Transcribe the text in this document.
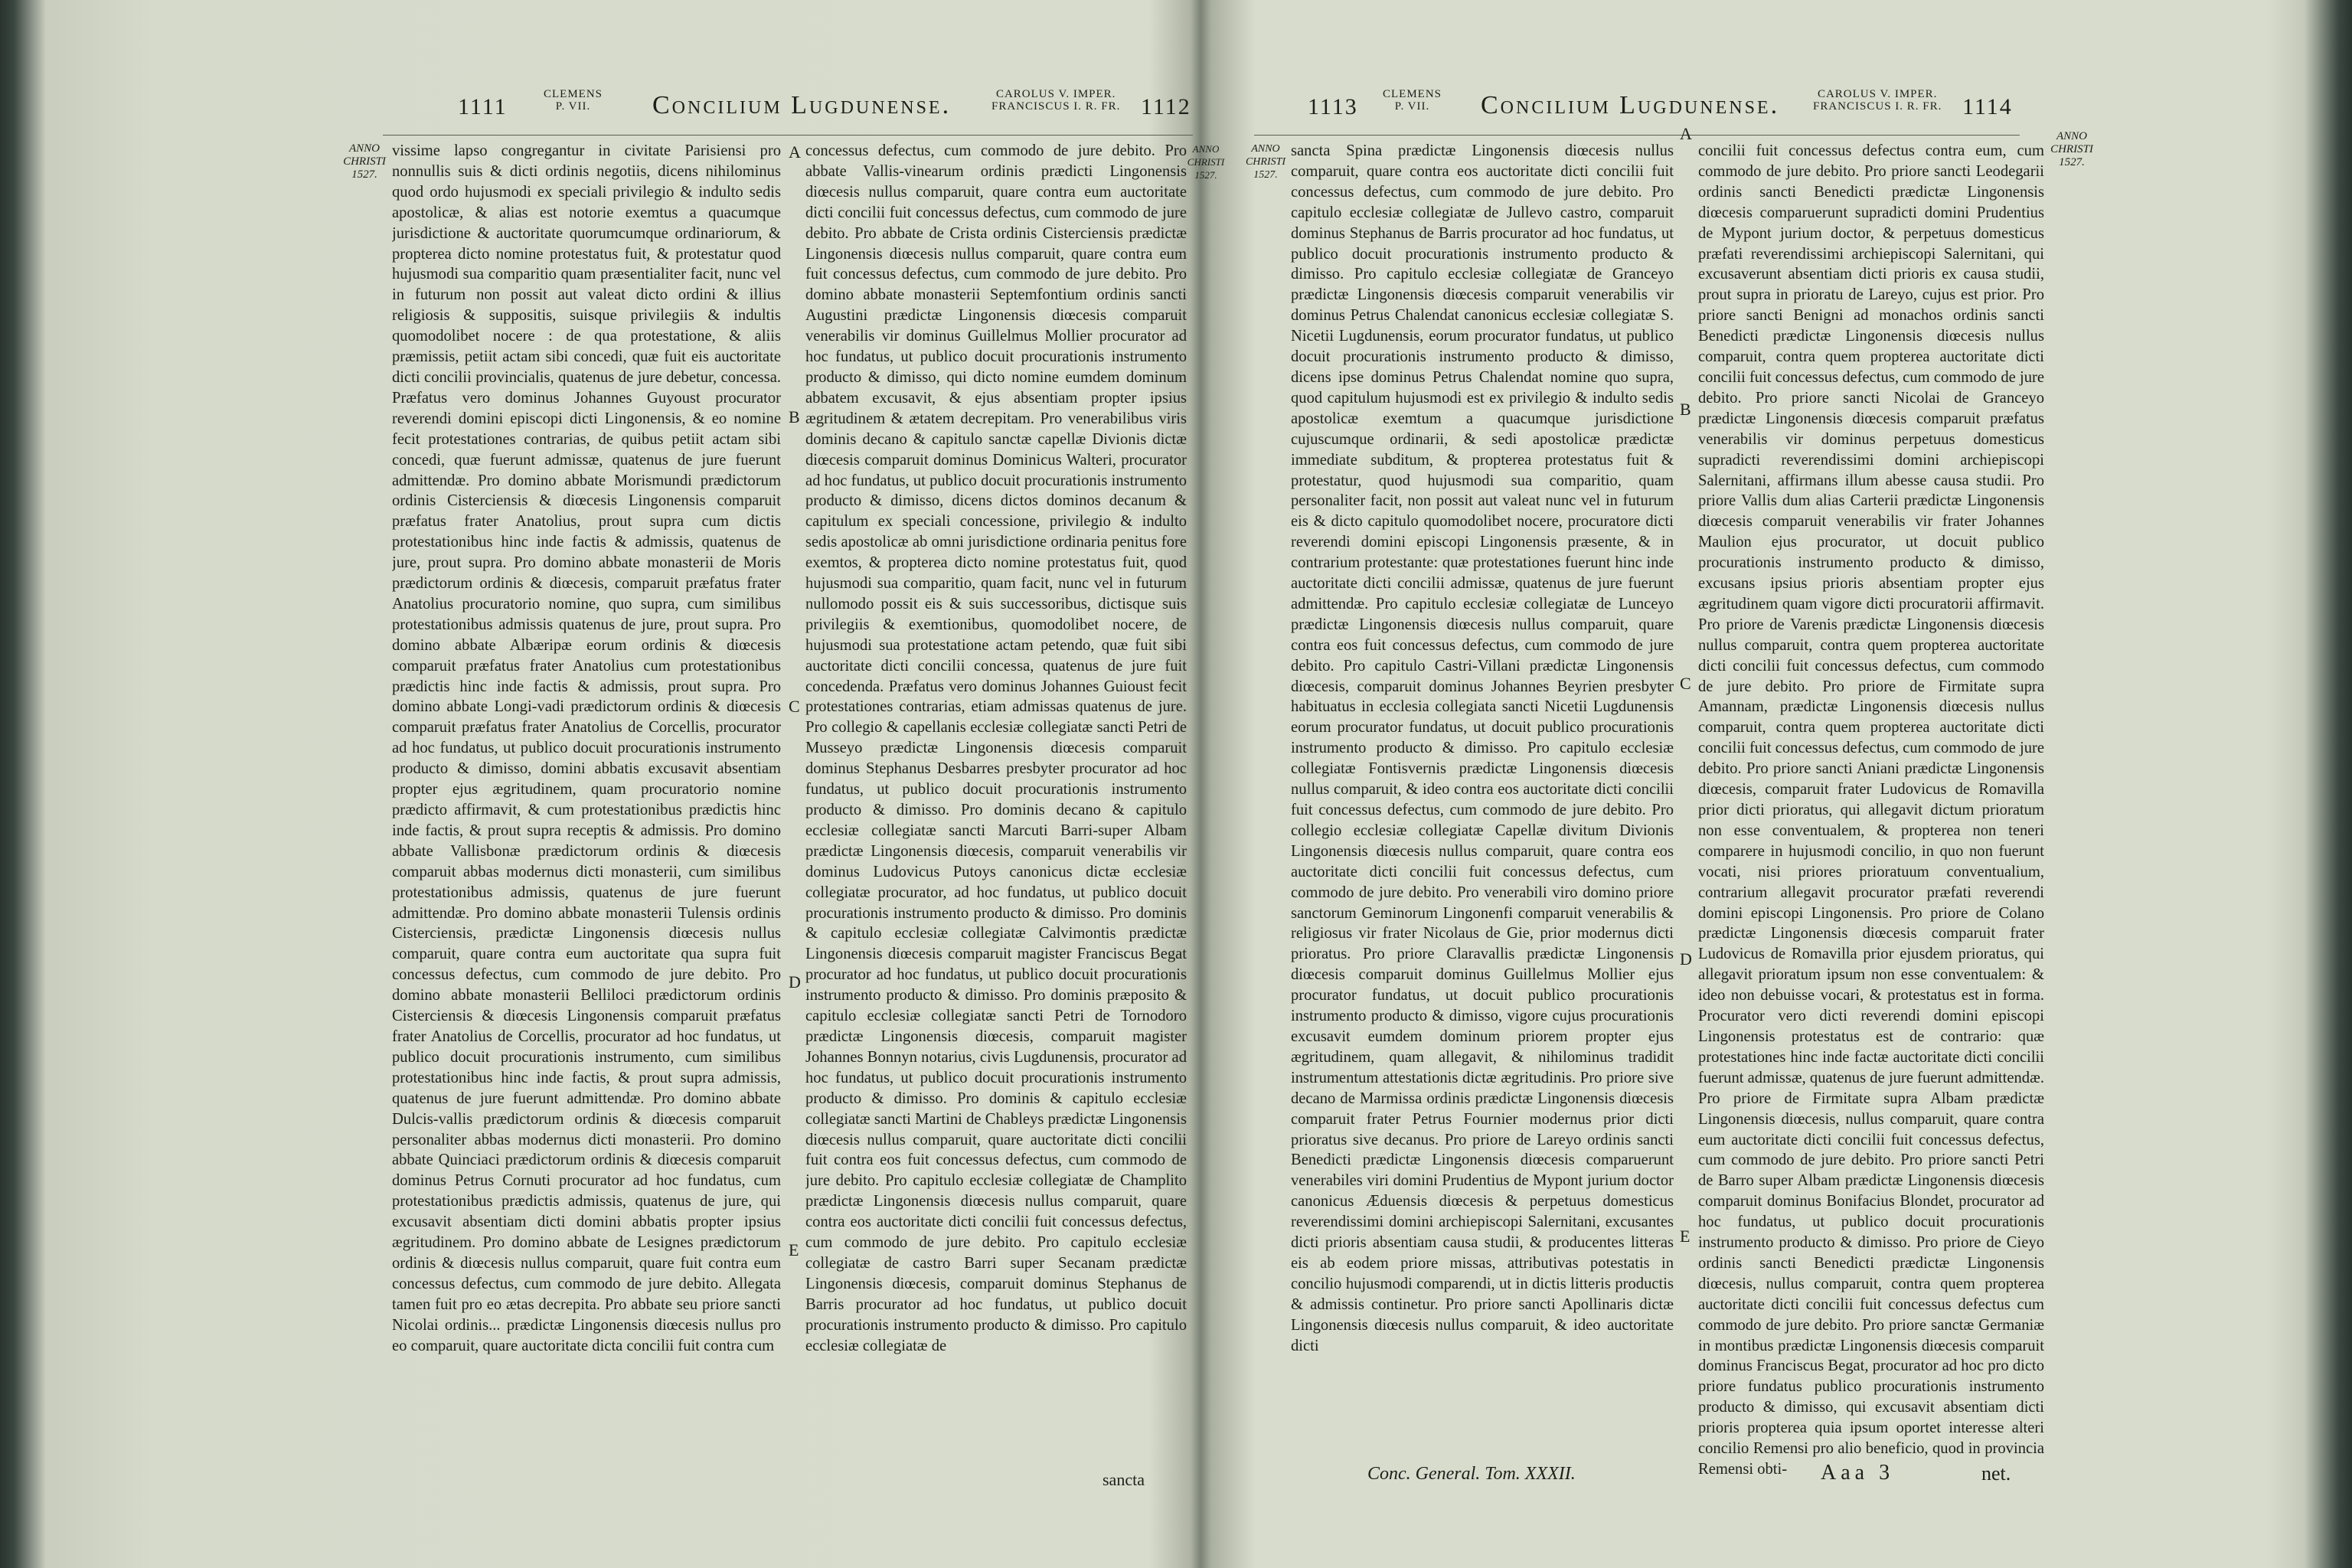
1111	CLEMENS
P. VII.	Concilium Lugdunense.	CAROLUS V. IMPER.
FRANCISCUS I. R. FR. 1112
ANNO
CHRISTI
1527.
ANNO
CHRISTI
1527.

vissime lapso congregantur in civitate Parisiensi pro nonnullis suis & dicti ordinis negotiis, dicens nihilominus quod ordo hujusmodi ex speciali privilegio & indulto sedis apostolicæ, & alias est notorie exemtus a quacumque jurisdictione & auctoritate quorumcumque ordinariorum, & propterea dicto nomine protestatus fuit, & protestatur quod hujusmodi sua comparitio quam præsentialiter facit, nunc vel in futurum non possit aut valeat dicto ordini & illius religiosis & suppositis, suisque privilegiis & indultis quomodolibet nocere : de qua protestatione, & aliis præmissis, petiit actam sibi concedi, quæ fuit eis auctoritate dicti concilii provincialis, quatenus de jure debetur, concessa. Præfatus vero dominus Johannes Guyoust procurator reverendi domini episcopi dicti Lingonensis, & eo nomine fecit protestationes contrarias, de quibus petiit actam sibi concedi, quæ fuerunt admissæ, quatenus de jure fuerunt admittendæ. Pro domino abbate Morismundi prædictorum ordinis Cisterciensis & diœcesis Lingonensis comparuit præfatus frater Anatolius, prout supra cum dictis protestationibus hinc inde factis & admissis, quatenus de jure, prout supra. Pro domino abbate monasterii de Moris prædictorum ordinis & diœcesis, comparuit præfatus frater Anatolius procuratorio nomine, quo supra, cum similibus protestationibus admissis quatenus de jure, prout supra. Pro domino abbate Albæripæ eorum ordinis & diœcesis comparuit præfatus frater Anatolius cum protestationibus prædictis hinc inde factis & admissis, prout supra. Pro domino abbate Longi-vadi prædictorum ordinis & diœcesis comparuit præfatus frater Anatolius de Corcellis, procurator ad hoc fundatus, ut publico docuit procurationis instrumento producto & dimisso, domini abbatis excusavit absentiam propter ejus ægritudinem, quam procuratorio nomine prædicto affirmavit, & cum protestationibus prædictis hinc inde factis, & prout supra receptis & admissis. Pro domino abbate Vallisbonæ prædictorum ordinis & diœcesis comparuit abbas modernus dicti monasterii, cum similibus protestationibus admissis, quatenus de jure fuerunt admittendæ. Pro domino abbate monasterii Tulensis ordinis Cisterciensis, prædictæ Lingonensis diœcesis nullus comparuit, quare contra eum auctoritate qua supra fuit concessus defectus, cum commodo de jure debito. Pro domino abbate monasterii Belliloci prædictorum ordinis Cisterciensis & diœcesis Lingonensis comparuit præfatus frater Anatolius de Corcellis, procurator ad hoc fundatus, ut publico docuit procurationis instrumento, cum similibus protestationibus hinc inde factis, & prout supra admissis, quatenus de jure fuerunt admittendæ. Pro domino abbate Dulcis-vallis prædictorum ordinis & diœcesis comparuit personaliter abbas modernus dicti monasterii. Pro domino abbate Quinciaci prædictorum ordinis & diœcesis comparuit dominus Petrus Cornuti procurator ad hoc fundatus, cum protestationibus prædictis admissis, quatenus de jure, qui excusavit absentiam dicti domini abbatis propter ipsius ægritudinem. Pro domino abbate de Lesignes prædictorum ordinis & diœcesis nullus comparuit, quare fuit contra eum concessus defectus, cum commodo de jure debito. Allegata tamen fuit pro eo ætas decrepita. Pro abbate seu priore sancti Nicolai ordinis... prædictæ Lingonensis diœcesis nullus pro eo comparuit, quare auctoritate dicta concilii fuit contra cum

concessus defectus, cum commodo de jure debito. Pro abbate Vallis-vinearum ordinis prædicti Lingonensis diœcesis nullus comparuit, quare contra eum auctoritate dicti concilii fuit concessus defectus, cum commodo de jure debito. Pro abbate de Crista ordinis Cisterciensis prædictæ Lingonensis diœcesis nullus comparuit, quare contra eum fuit concessus defectus, cum commodo de jure debito. Pro domino abbate monasterii Septemfontium ordinis sancti Augustini prædictæ Lingonensis diœcesis comparuit venerabilis vir dominus Guillelmus Mollier procurator ad hoc fundatus, ut publico docuit procurationis instrumento producto & dimisso, qui dicto nomine eumdem dominum abbatem excusavit, & ejus absentiam propter ipsius ægritudinem & ætatem decrepitam. Pro venerabilibus viris dominis decano & capitulo sanctæ capellæ Divionis dictæ diœcesis comparuit dominus Dominicus Walteri, procurator ad hoc fundatus, ut publico docuit procurationis instrumento producto & dimisso, dicens dictos dominos decanum & capitulum ex speciali concessione, privilegio & indulto sedis apostolicæ ab omni jurisdictione ordinaria penitus fore exemtos, & propterea dicto nomine protestatus fuit, quod hujusmodi sua comparitio, quam facit, nunc vel in futurum nullomodo possit eis & suis successoribus, dictisque suis privilegiis & exemtionibus, quomodolibet nocere, de hujusmodi sua protestatione actam petendo, quæ fuit sibi auctoritate dicti concilii concessa, quatenus de jure fuit concedenda. Præfatus vero dominus Johannes Guioust fecit protestationes contrarias, etiam admissas quatenus de jure. Pro collegio & capellanis ecclesiæ collegiatæ sancti Petri de Musseyo prædictæ Lingonensis diœcesis comparuit dominus Stephanus Desbarres presbyter procurator ad hoc fundatus, ut publico docuit procurationis instrumento producto & dimisso. Pro dominis decano & capitulo ecclesiæ collegiatæ sancti Marcuti Barri-super Albam prædictæ Lingonensis diœcesis, comparuit venerabilis vir dominus Ludovicus Putoys canonicus dictæ ecclesiæ collegiatæ procurator, ad hoc fundatus, ut publico docuit procurationis instrumento producto & dimisso. Pro dominis & capitulo ecclesiæ collegiatæ Calvimontis prædictæ Lingonensis diœcesis comparuit magister Franciscus Begat procurator ad hoc fundatus, ut publico docuit procurationis instrumento producto & dimisso. Pro dominis præposito & capitulo ecclesiæ collegiatæ sancti Petri de Tornodoro prædictæ Lingonensis diœcesis, comparuit magister Johannes Bonnyn notarius, civis Lugdunensis, procurator ad hoc fundatus, ut publico docuit procurationis instrumento producto & dimisso. Pro dominis & capitulo ecclesiæ collegiatæ sancti Martini de Chableys prædictæ Lingonensis diœcesis nullus comparuit, quare auctoritate dicti concilii fuit contra eos fuit concessus defectus, cum commodo de jure debito. Pro capitulo ecclesiæ collegiatæ de Champlito prædictæ Lingonensis diœcesis nullus comparuit, quare contra eos auctoritate dicti concilii fuit concessus defectus, cum commodo de jure debito. Pro capitulo ecclesiæ collegiatæ de castro Barri super Secanam prædictæ Lingonensis diœcesis, comparuit dominus Stephanus de Barris procurator ad hoc fundatus, ut publico docuit procurationis instrumento producto & dimisso. Pro capitulo ecclesiæ collegiatæ de

A
B
C
D
E
sancta
1113 CLEMENS
P. VII.	Concilium Lugdunense.	CAROLUS V. IMPER.
FRANCISCUS I. R. FR. 1114
ANNO
CHRISTI
1527.
ANNO
CHRISTI
1527.

sancta Spina prædictæ Lingonensis diœcesis nullus comparuit, quare contra eos auctoritate dicti concilii fuit concessus defectus, cum commodo de jure debito. Pro capitulo ecclesiæ collegiatæ de Jullevo castro, comparuit dominus Stephanus de Barris procurator ad hoc fundatus, ut publico docuit procurationis instrumento producto & dimisso. Pro capitulo ecclesiæ collegiatæ de Granceyo prædictæ Lingonensis diœcesis comparuit venerabilis vir dominus Petrus Chalendat canonicus ecclesiæ collegiatæ S. Nicetii Lugdunensis, eorum procurator fundatus, ut publico docuit procurationis instrumento producto & dimisso, dicens ipse dominus Petrus Chalendat nomine quo supra, quod capitulum hujusmodi est ex privilegio & indulto sedis apostolicæ exemtum a quacumque jurisdictione cujuscumque ordinarii, & sedi apostolicæ prædictæ immediate subditum, & propterea protestatus fuit & protestatur, quod hujusmodi sua comparitio, quam personaliter facit, non possit aut valeat nunc vel in futurum eis & dicto capitulo quomodolibet nocere, procuratore dicti reverendi domini episcopi Lingonensis præsente, & in contrarium protestante: quæ protestationes fuerunt hinc inde auctoritate dicti concilii admissæ, quatenus de jure fuerunt admittendæ. Pro capitulo ecclesiæ collegiatæ de Lunceyo prædictæ Lingonensis diœcesis nullus comparuit, quare contra eos fuit concessus defectus, cum commodo de jure debito. Pro capitulo Castri-Villani prædictæ Lingonensis diœcesis, comparuit dominus Johannes Beyrien presbyter habituatus in ecclesia collegiata sancti Nicetii Lugdunensis eorum procurator fundatus, ut docuit publico procurationis instrumento producto & dimisso. Pro capitulo ecclesiæ collegiatæ Fontisvernis prædictæ Lingonensis diœcesis nullus comparuit, & ideo contra eos auctoritate dicti concilii fuit concessus defectus, cum commodo de jure debito. Pro collegio ecclesiæ collegiatæ Capellæ divitum Divionis Lingonensis diœcesis nullus comparuit, quare contra eos auctoritate dicti concilii fuit concessus defectus, cum commodo de jure debito. Pro venerabili viro domino priore sanctorum Geminorum Lingonenfi comparuit venerabilis & religiosus vir frater Nicolaus de Gie, prior modernus dicti prioratus. Pro priore Claravallis prædictæ Lingonensis diœcesis comparuit dominus Guillelmus Mollier ejus procurator fundatus, ut docuit publico procurationis instrumento producto & dimisso, vigore cujus procurationis excusavit eumdem dominum priorem propter ejus ægritudinem, quam allegavit, & nihilominus tradidit instrumentum attestationis dictæ ægritudinis. Pro priore sive decano de Marmissa ordinis prædictæ Lingonensis diœcesis comparuit frater Petrus Fournier modernus prior dicti prioratus sive decanus. Pro priore de Lareyo ordinis sancti Benedicti prædictæ Lingonensis diœcesis comparuerunt venerabiles viri domini Prudentius de Mypont jurium doctor canonicus Æduensis diœcesis & perpetuus domesticus reverendissimi domini archiepiscopi Salernitani, excusantes dicti prioris absentiam causa studii, & producentes litteras eis ab eodem priore missas, attributivas potestatis in concilio hujusmodi comparendi, ut in dictis litteris productis & admissis continetur. Pro priore sancti Apollinaris dictæ Lingonensis diœcesis nullus comparuit, & ideo auctoritate dicti

concilii fuit concessus defectus contra eum, cum commodo de jure debito. Pro priore sancti Leodegarii ordinis sancti Benedicti prædictæ Lingonensis diœcesis comparuerunt supradicti domini Prudentius de Mypont jurium doctor, & perpetuus domesticus præfati reverendissimi archiepiscopi Salernitani, qui excusaverunt absentiam dicti prioris ex causa studii, prout supra in prioratu de Lareyo, cujus est prior. Pro priore sancti Benigni ad monachos ordinis sancti Benedicti prædictæ Lingonensis diœcesis nullus comparuit, contra quem propterea auctoritate dicti concilii fuit concessus defectus, cum commodo de jure debito. Pro priore sancti Nicolai de Granceyo prædictæ Lingonensis diœcesis comparuit præfatus venerabilis vir dominus perpetuus domesticus supradicti reverendissimi domini archiepiscopi Salernitani, affirmans illum abesse causa studii. Pro priore Vallis dum alias Carterii prædictæ Lingonensis diœcesis comparuit venerabilis vir frater Johannes Maulion ejus procurator, ut docuit publico procurationis instrumento producto & dimisso, excusans ipsius prioris absentiam propter ejus ægritudinem quam vigore dicti procuratorii affirmavit. Pro priore de Varenis prædictæ Lingonensis diœcesis nullus comparuit, contra quem propterea auctoritate dicti concilii fuit concessus defectus, cum commodo de jure debito. Pro priore de Firmitate supra Amannam, prædictæ Lingonensis diœcesis nullus comparuit, contra quem propterea auctoritate dicti concilii fuit concessus defectus, cum commodo de jure debito. Pro priore sancti Aniani prædictæ Lingonensis diœcesis, comparuit frater Ludovicus de Romavilla prior dicti prioratus, qui allegavit dictum prioratum non esse conventualem, & propterea non teneri comparere in hujusmodi concilio, in quo non fuerunt vocati, nisi priores prioratuum conventualium, contrarium allegavit procurator præfati reverendi domini episcopi Lingonensis. Pro priore de Colano prædictæ Lingonensis diœcesis comparuit frater Ludovicus de Romavilla prior ejusdem prioratus, qui allegavit prioratum ipsum non esse conventualem: & ideo non debuisse vocari, & protestatus est in forma. Procurator vero dicti reverendi domini episcopi Lingonensis protestatus est de contrario: quæ protestationes hinc inde factæ auctoritate dicti concilii fuerunt admissæ, quatenus de jure fuerunt admittendæ. Pro priore de Firmitate supra Albam prædictæ Lingonensis diœcesis, nullus comparuit, quare contra eum auctoritate dicti concilii fuit concessus defectus, cum commodo de jure debito. Pro priore sancti Petri de Barro super Albam prædictæ Lingonensis diœcesis comparuit dominus Bonifacius Blondet, procurator ad hoc fundatus, ut publico docuit procurationis instrumento producto & dimisso. Pro priore de Cieyo ordinis sancti Benedicti prædictæ Lingonensis diœcesis, nullus comparuit, contra quem propterea auctoritate dicti concilii fuit concessus defectus cum commodo de jure debito. Pro priore sanctæ Germaniæ in montibus prædictæ Lingonensis diœcesis comparuit dominus Franciscus Begat, procurator ad hoc pro dicto priore fundatus publico procurationis instrumento producto & dimisso, qui excusavit absentiam dicti prioris propterea quia ipsum oportet interesse alteri concilio Remensi pro alio beneficio, quod in provincia Remensi obti-

A
B
C
D
E
Conc. General. Tom. XXXII.	Aaa 3	net.
